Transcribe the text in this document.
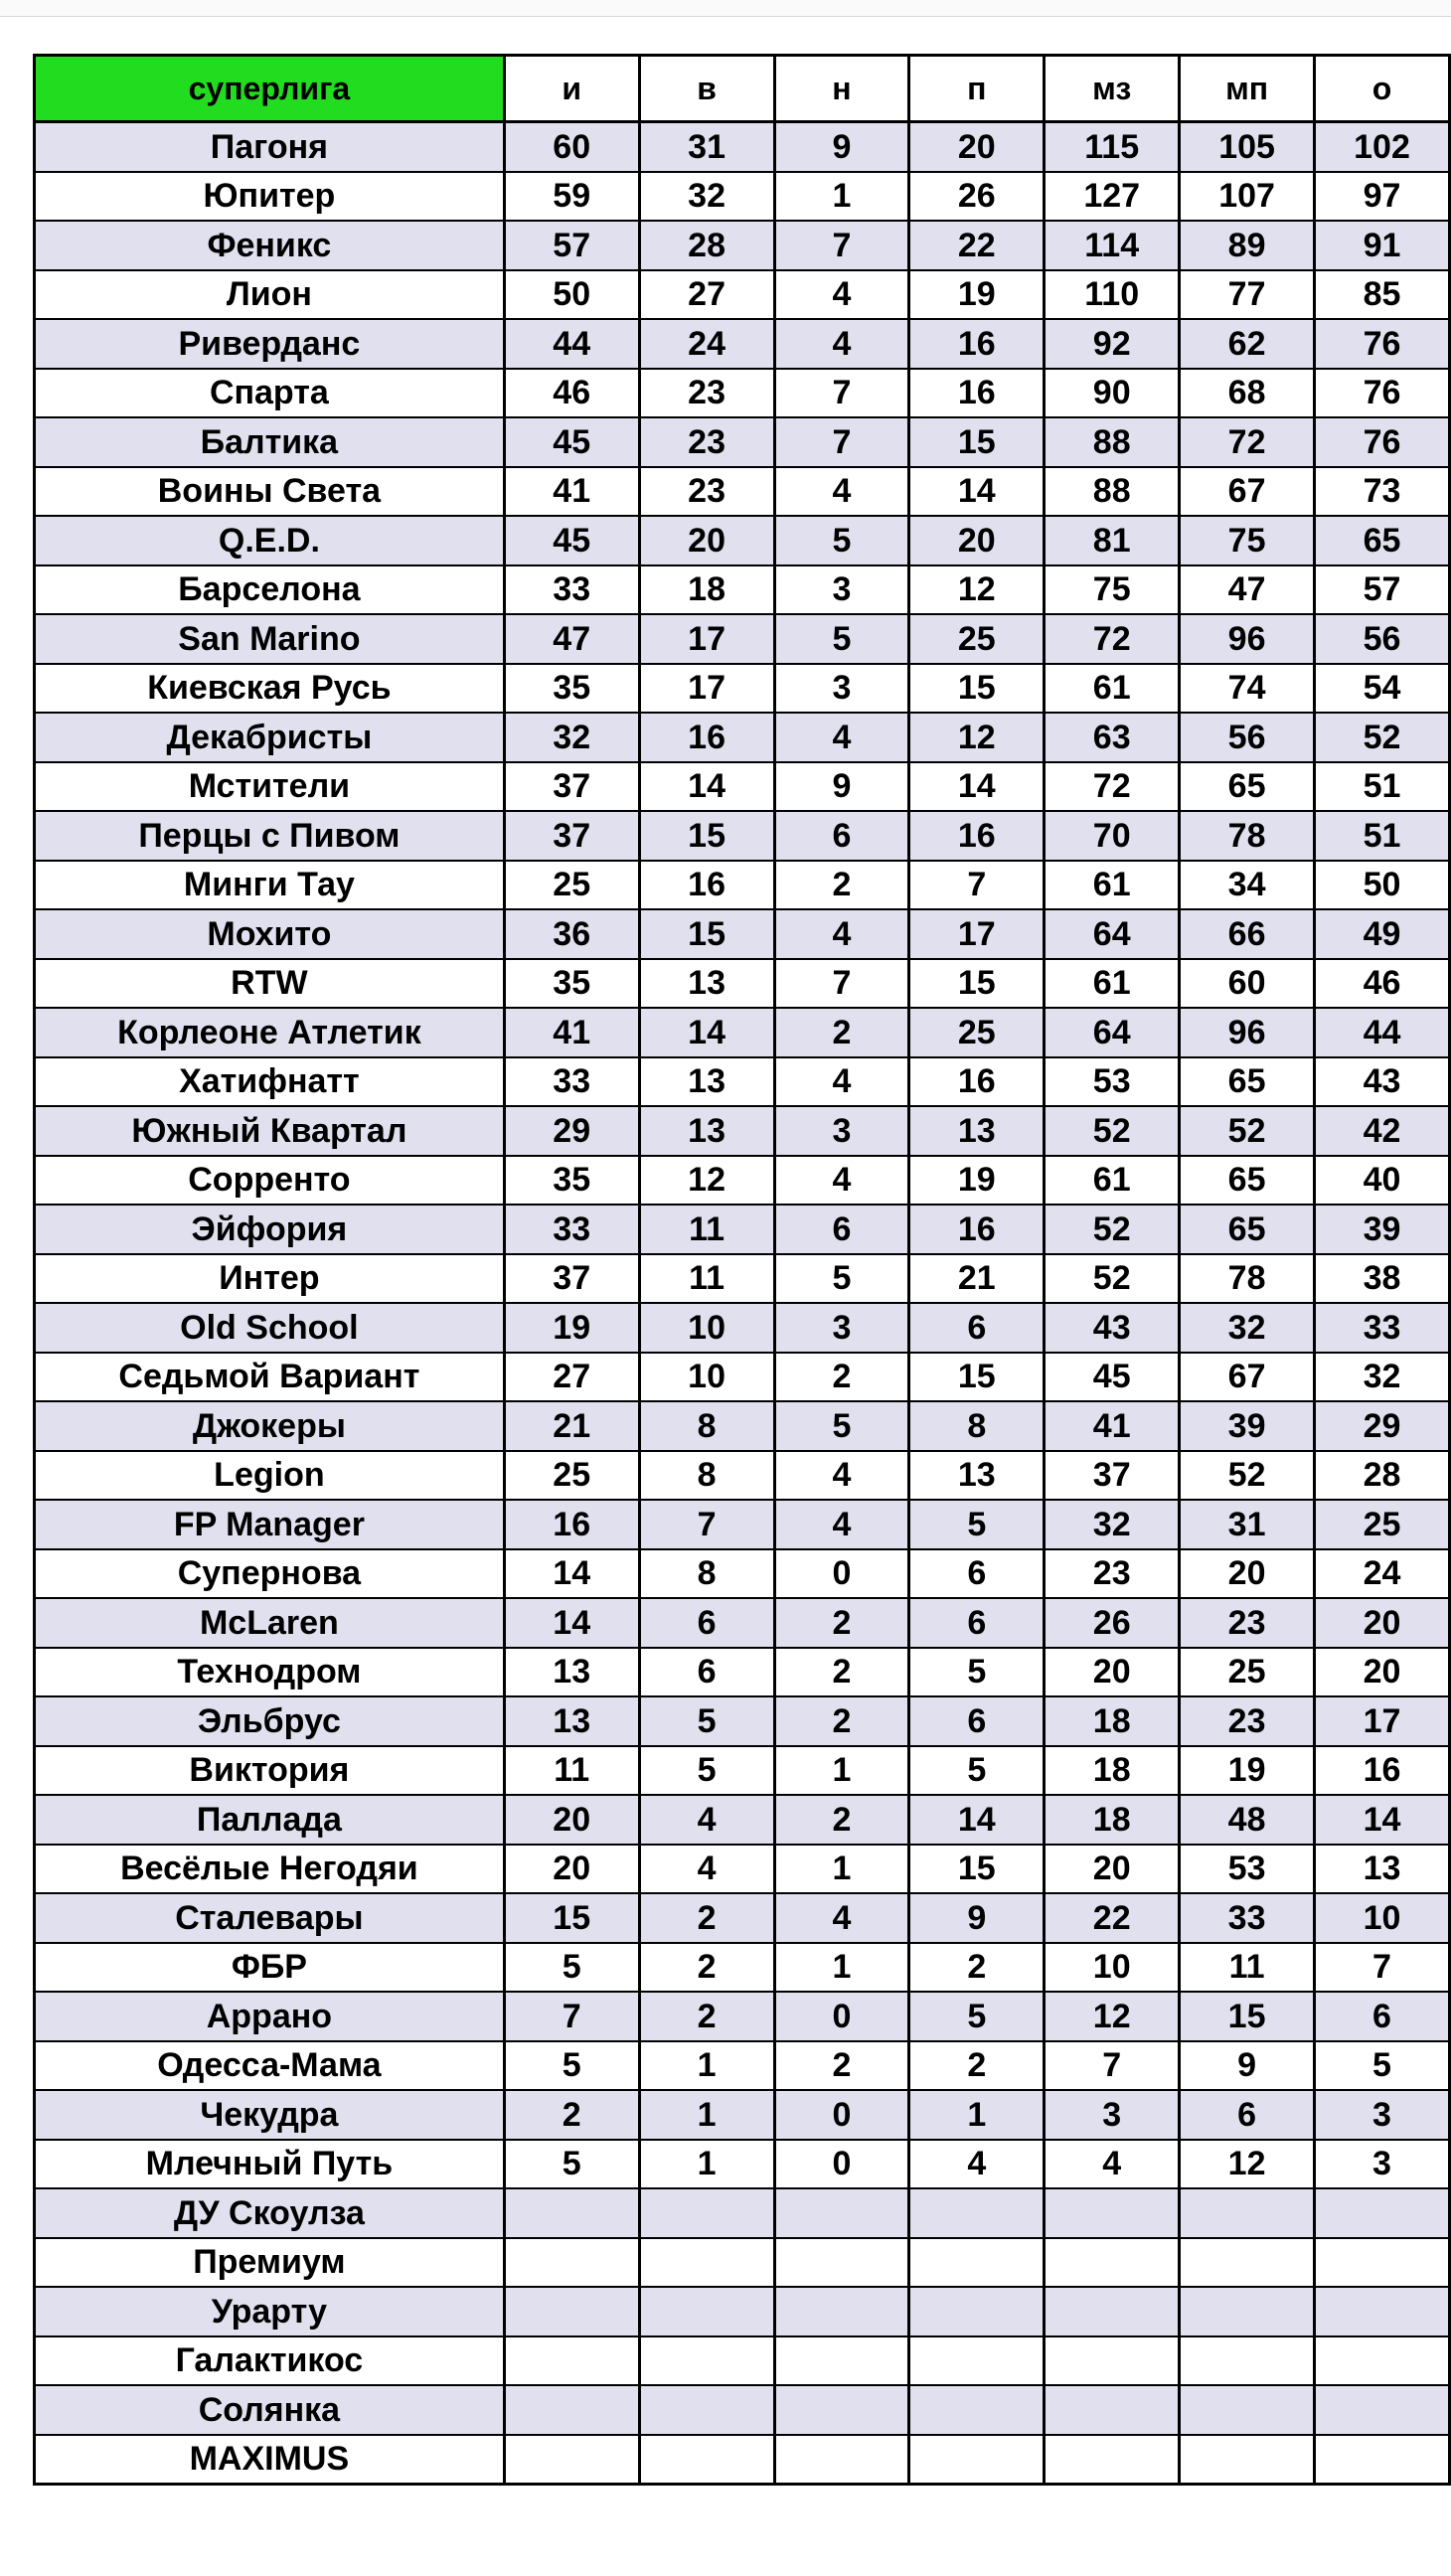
суперлига	и	в	н	п	мз	мп	о
Пагоня	60	31	9	20	115	105	102
Юпитер	59	32	1	26	127	107	97
Феникс	57	28	7	22	114	89	91
Лион	50	27	4	19	110	77	85
Риверданс	44	24	4	16	92	62	76
Спарта	46	23	7	16	90	68	76
Балтика	45	23	7	15	88	72	76
Воины Света	41	23	4	14	88	67	73
Q.E.D.	45	20	5	20	81	75	65
Барселона	33	18	3	12	75	47	57
San Marino	47	17	5	25	72	96	56
Киевская Русь	35	17	3	15	61	74	54
Декабристы	32	16	4	12	63	56	52
Мстители	37	14	9	14	72	65	51
Перцы с Пивом	37	15	6	16	70	78	51
Минги Тау	25	16	2	7	61	34	50
Мохито	36	15	4	17	64	66	49
RTW	35	13	7	15	61	60	46
Корлеоне Атлетик	41	14	2	25	64	96	44
Хатифнатт	33	13	4	16	53	65	43
Южный Квартал	29	13	3	13	52	52	42
Сорренто	35	12	4	19	61	65	40
Эйфория	33	11	6	16	52	65	39
Интер	37	11	5	21	52	78	38
Old School	19	10	3	6	43	32	33
Седьмой Вариант	27	10	2	15	45	67	32
Джокеры	21	8	5	8	41	39	29
Legion	25	8	4	13	37	52	28
FP Manager	16	7	4	5	32	31	25
Супернова	14	8	0	6	23	20	24
McLaren	14	6	2	6	26	23	20
Технодром	13	6	2	5	20	25	20
Эльбрус	13	5	2	6	18	23	17
Виктория	11	5	1	5	18	19	16
Паллада	20	4	2	14	18	48	14
Весёлые Негодяи	20	4	1	15	20	53	13
Сталевары	15	2	4	9	22	33	10
ФБР	5	2	1	2	10	11	7
Аррано	7	2	0	5	12	15	6
Одесса-Мама	5	1	2	2	7	9	5
Чекудра	2	1	0	1	3	6	3
Млечный Путь	5	1	0	4	4	12	3
ДУ Скоулза							
Премиум							
Урарту							
Галактикос							
Солянка							
MAXIMUS							
